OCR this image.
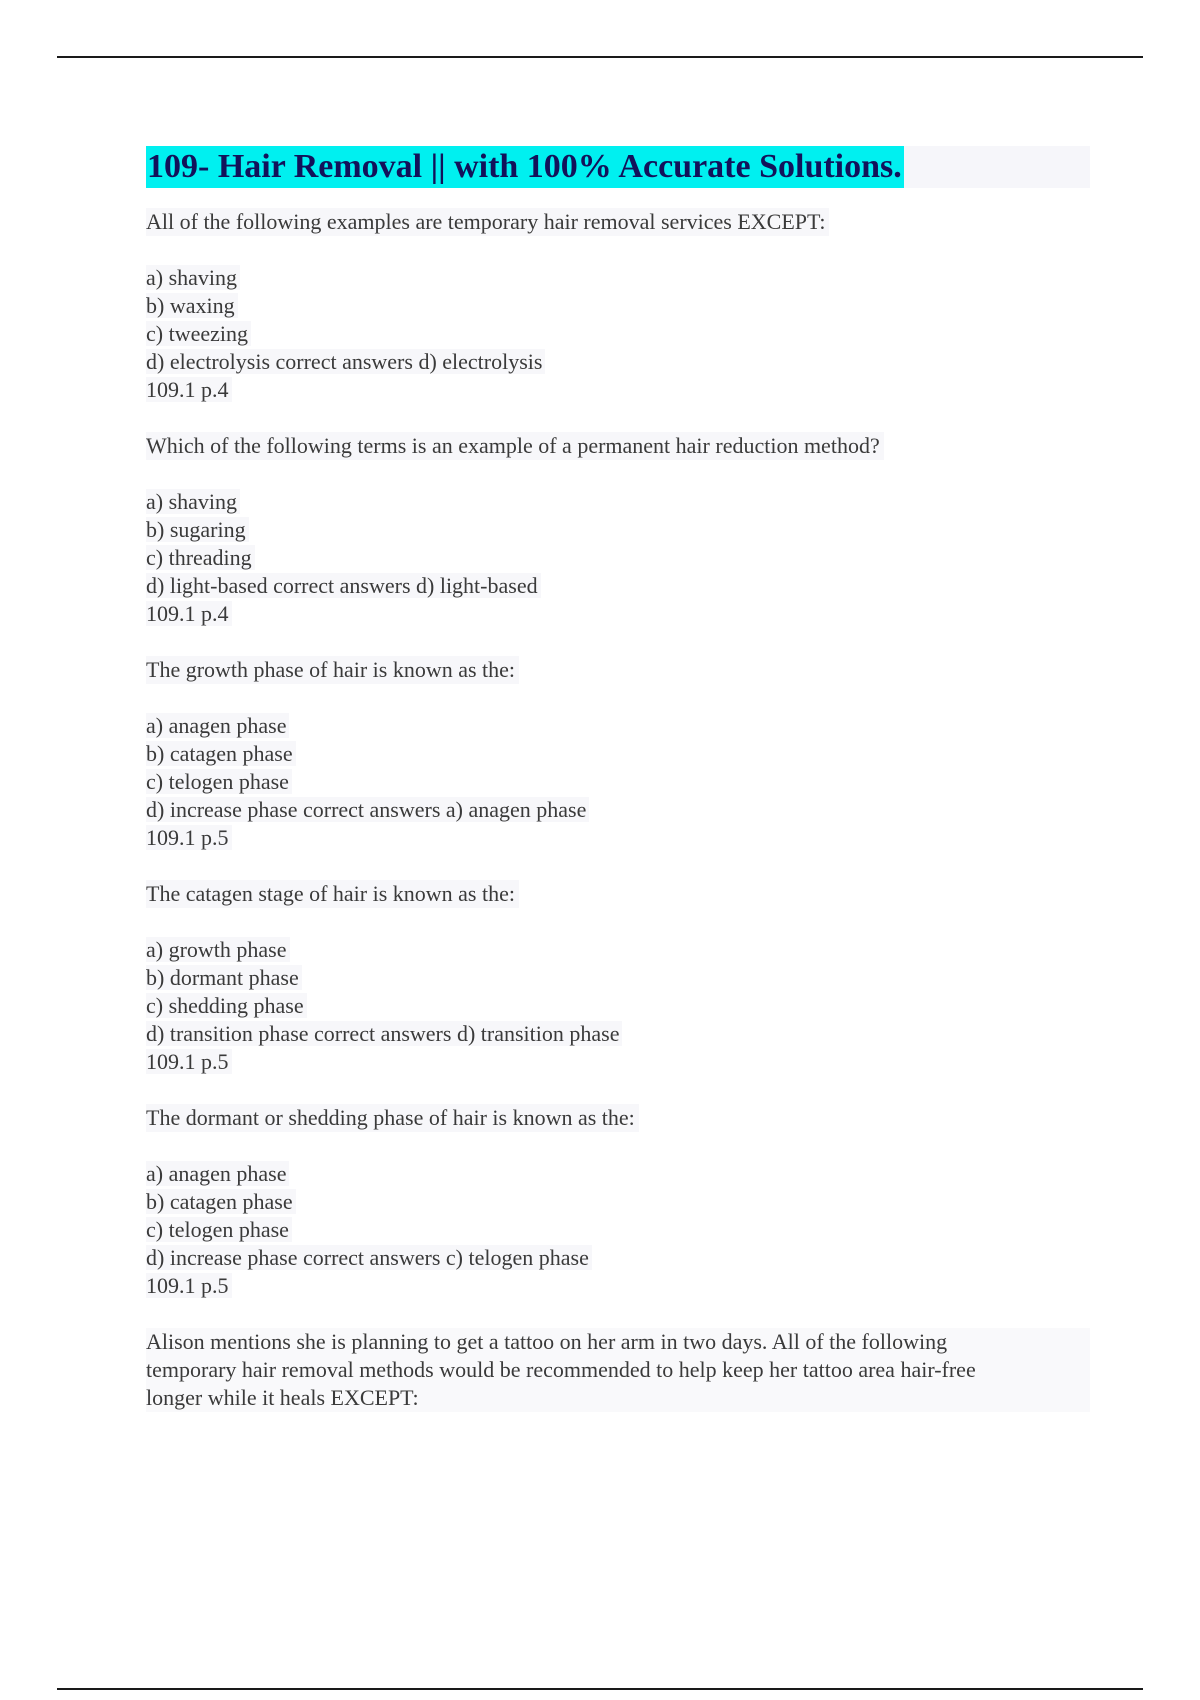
109- Hair Removal || with 100% Accurate Solutions.
All of the following examples are temporary hair removal services EXCEPT:
a) shaving
b) waxing
c) tweezing
d) electrolysis correct answers d) electrolysis
109.1 p.4
Which of the following terms is an example of a permanent hair reduction method?
a) shaving
b) sugaring
c) threading
d) light-based correct answers d) light-based
109.1 p.4
The growth phase of hair is known as the:
a) anagen phase
b) catagen phase
c) telogen phase
d) increase phase correct answers a) anagen phase
109.1 p.5
The catagen stage of hair is known as the:
a) growth phase
b) dormant phase
c) shedding phase
d) transition phase correct answers d) transition phase
109.1 p.5
The dormant or shedding phase of hair is known as the:
a) anagen phase
b) catagen phase
c) telogen phase
d) increase phase correct answers c) telogen phase
109.1 p.5
Alison mentions she is planning to get a tattoo on her arm in two days. All of the following
temporary hair removal methods would be recommended to help keep her tattoo area hair-free
longer while it heals EXCEPT:
